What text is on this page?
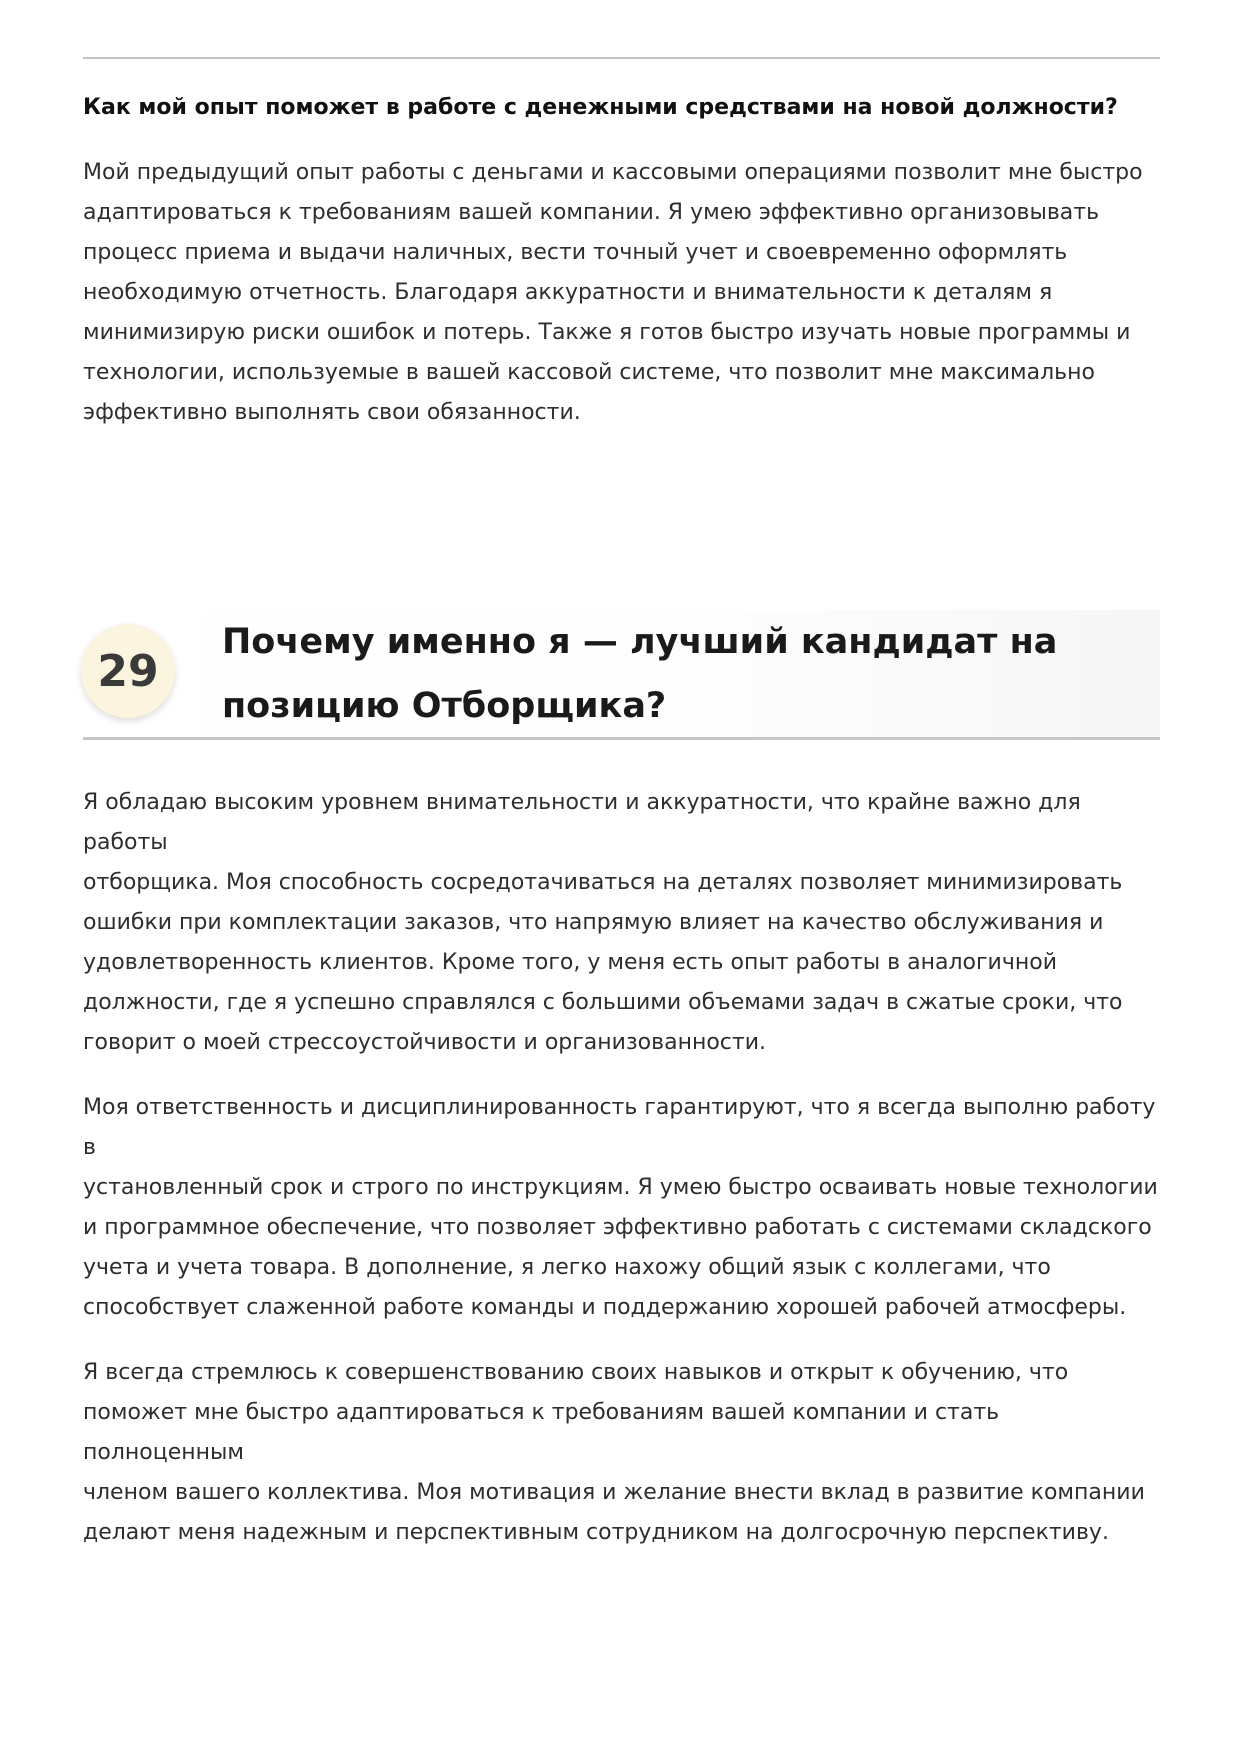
Как мой опыт поможет в работе с денежными средствами на новой должности?

Мой предыдущий опыт работы с деньгами и кассовыми операциями позволит мне быстро
адаптироваться к требованиям вашей компании. Я умею эффективно организовывать
процесс приема и выдачи наличных, вести точный учет и своевременно оформлять
необходимую отчетность. Благодаря аккуратности и внимательности к деталям я
минимизирую риски ошибок и потерь. Также я готов быстро изучать новые программы и
технологии, используемые в вашей кассовой системе, что позволит мне максимально
эффективно выполнять свои обязанности.

29
Почему именно я — лучший кандидат на
позицию Отборщика?

Я обладаю высоким уровнем внимательности и аккуратности, что крайне важно для работы
отборщика. Моя способность сосредотачиваться на деталях позволяет минимизировать
ошибки при комплектации заказов, что напрямую влияет на качество обслуживания и
удовлетворенность клиентов. Кроме того, у меня есть опыт работы в аналогичной
должности, где я успешно справлялся с большими объемами задач в сжатые сроки, что
говорит о моей стрессоустойчивости и организованности.

Моя ответственность и дисциплинированность гарантируют, что я всегда выполню работу в
установленный срок и строго по инструкциям. Я умею быстро осваивать новые технологии
и программное обеспечение, что позволяет эффективно работать с системами складского
учета и учета товара. В дополнение, я легко нахожу общий язык с коллегами, что
способствует слаженной работе команды и поддержанию хорошей рабочей атмосферы.

Я всегда стремлюсь к совершенствованию своих навыков и открыт к обучению, что
поможет мне быстро адаптироваться к требованиям вашей компании и стать полноценным
членом вашего коллектива. Моя мотивация и желание внести вклад в развитие компании
делают меня надежным и перспективным сотрудником на долгосрочную перспективу.
